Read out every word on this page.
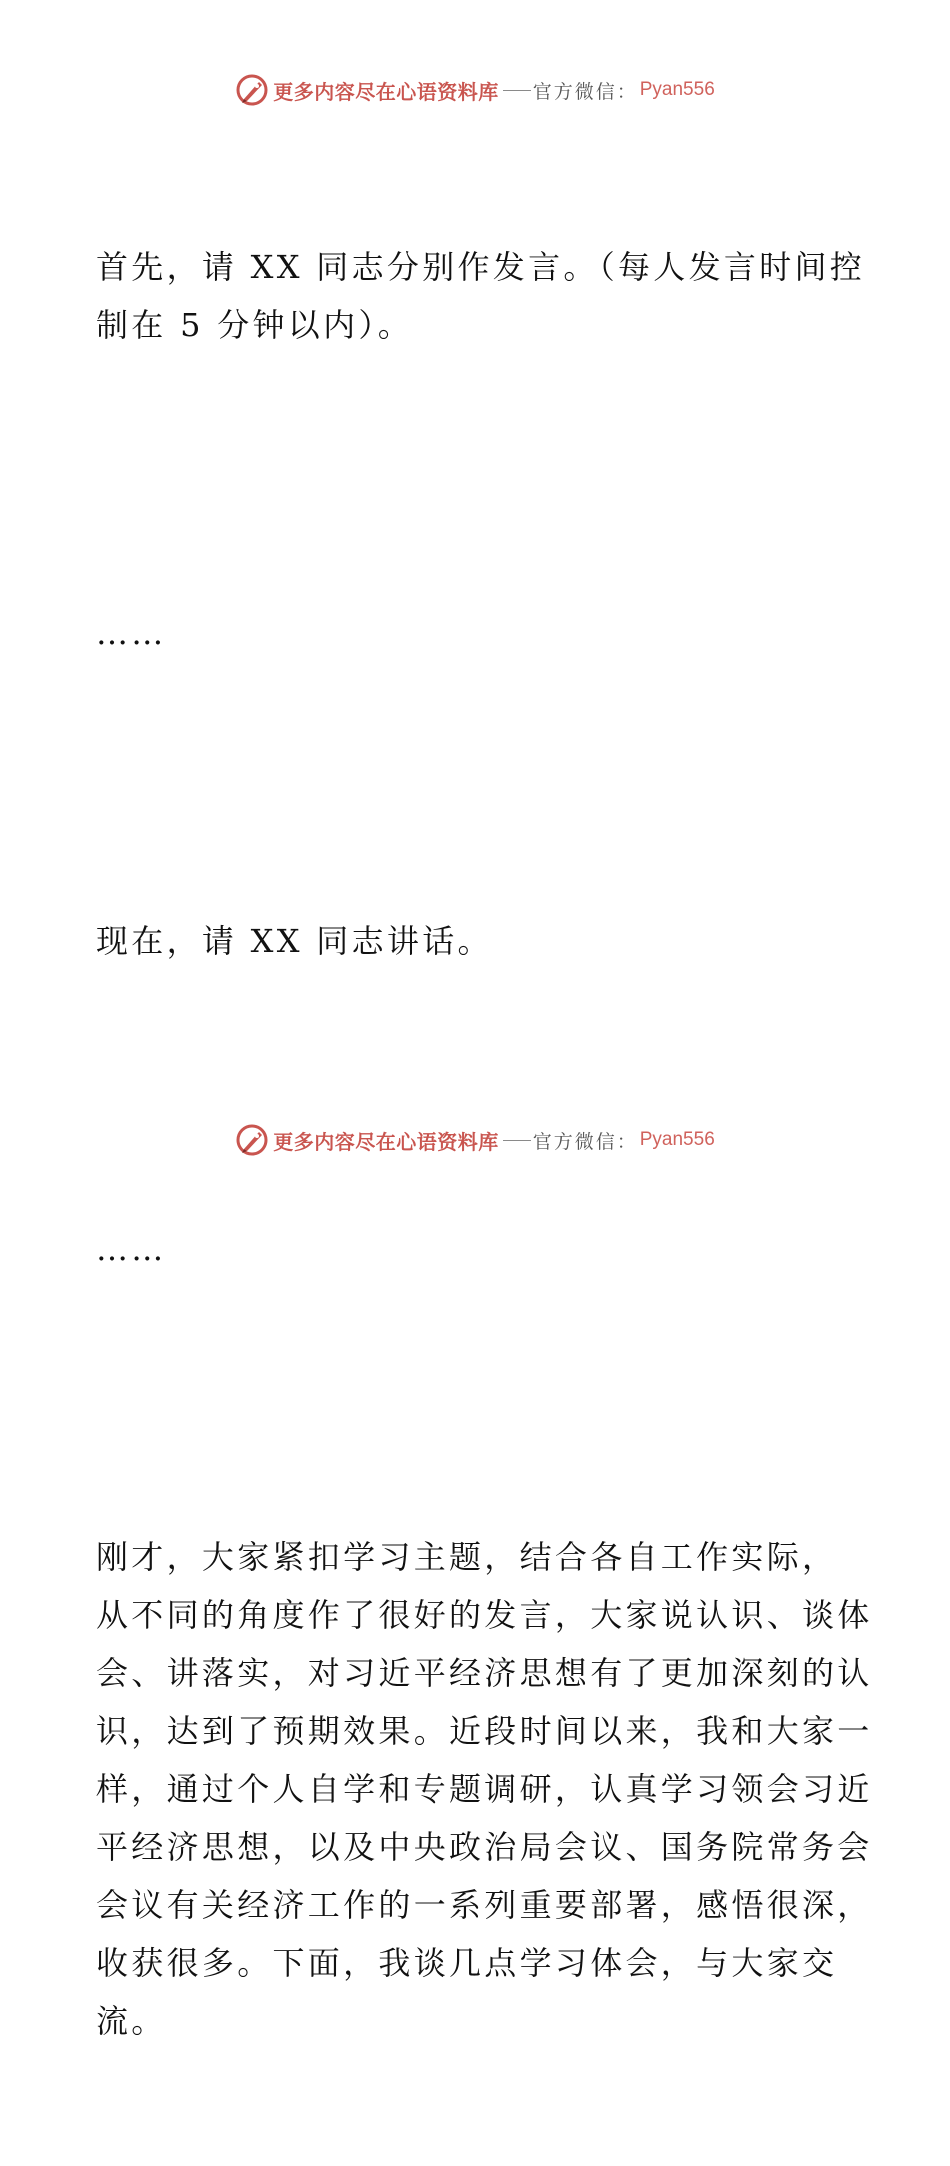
更多内容尽在心语资料库 官方微信： Pyan556

首先，请 XX 同志分别作发言。（每人发言时间控
制在 5 分钟以内）。

……

现在，请 XX 同志讲话。

……

刚才，大家紧扣学习主题，结合各自工作实际，
从不同的角度作了很好的发言，大家说认识、谈体
会、讲落实，对习近平经济思想有了更加深刻的认
识，达到了预期效果。近段时间以来，我和大家一
样，通过个人自学和专题调研，认真学习领会习近
平经济思想，以及中央政治局会议、国务院常务会
会议有关经济工作的一系列重要部署，感悟很深，
收获很多。下面，我谈几点学习体会，与大家交
流。

更多内容尽在心语资料库 官方微信： Pyan556
